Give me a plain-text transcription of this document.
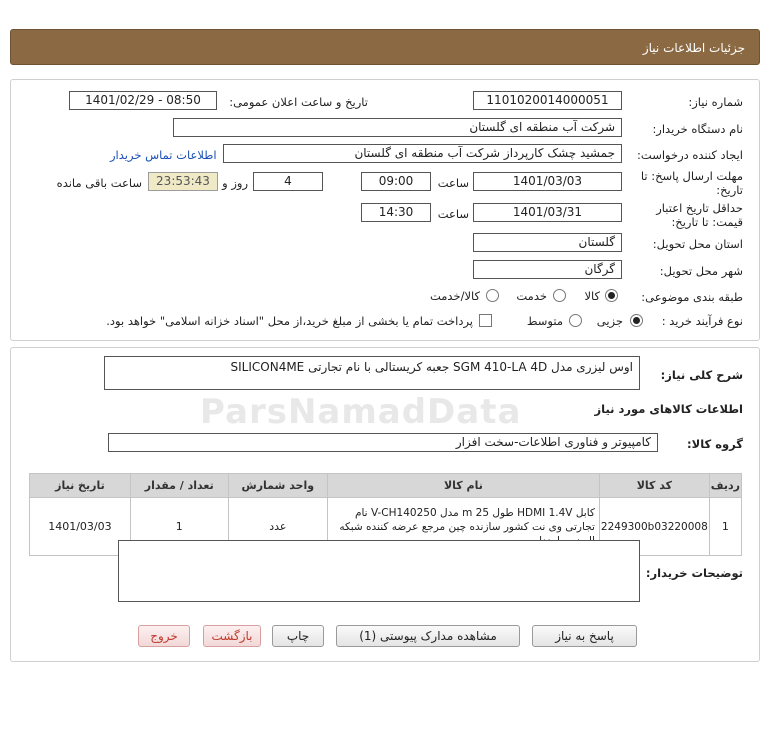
جزئیات اطلاعات نیاز
شماره نیاز:
1101020014000051
تاریخ و ساعت اعلان عمومی:
1401/02/29 - 08:50
نام دستگاه خریدار:
شرکت آب منطقه ای گلستان
ایجاد کننده درخواست:
جمشید چشک کارپرداز شرکت آب منطقه ای گلستان
اطلاعات تماس خریدار
مهلت ارسال پاسخ: تا
تاریخ:
1401/03/03
ساعت
09:00
4
روز و
23:53:43
ساعت باقی مانده
حداقل تاریخ اعتبار
قیمت: تا تاریخ:
1401/03/31
ساعت
14:30
استان محل تحویل:
گلستان
شهر محل تحویل:
گرگان
طبقه بندی موضوعی:
کالا
خدمت
کالا/خدمت
نوع فرآیند خرید :
جزیی
متوسط
پرداخت تمام یا بخشی از مبلغ خرید،از محل "اسناد خزانه اسلامی" خواهد بود.
ParsNamadData
شرح کلی نیاز:
اوس لیزری مدل SGM 410-LA 4D جعبه کریستالی با نام تجارتی SILICON4ME
اطلاعات کالاهای مورد نیاز
گروه کالا:
کامپیوتر و فناوری اطلاعات-سخت افزار
ردیف	کد کالا	نام کالا	واحد شمارش	تعداد / مقدار	تاریخ نیاز
1	2249300b03220008	کابل HDMI 1.4V طول 25 m مدل V-CH140250 نام تجارتی وی نت کشور سازنده چین مرجع عرضه کننده شبکه	عدد	1	1401/03/03
توضیحات خریدار:
پاسخ به نیاز
مشاهده مدارک پیوستی (1)
چاپ
بازگشت
خروج
